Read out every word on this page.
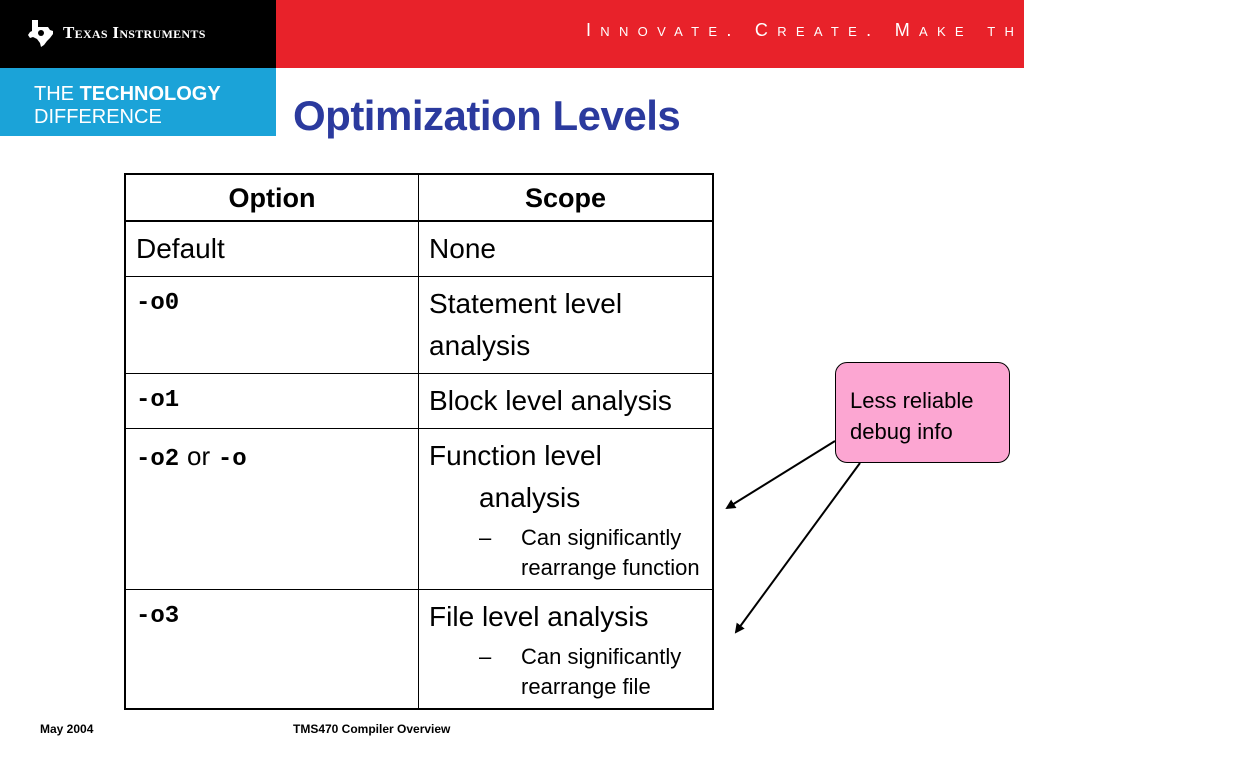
Texas Instruments	Innovate. Create. Make the Difference.™
THE TECHNOLOGY
DIFFERENCE	Optimization Levels
Option	Scope

Default	None

-o0	Statement level analysis

-o1	Block level analysis

-o2 or -o	Function level
analysis
– Can significantly rearrange function

-o3	File level analysis
– Can significantly rearrange file
Less reliable
debug info
May 2004	TMS470 Compiler Overview
